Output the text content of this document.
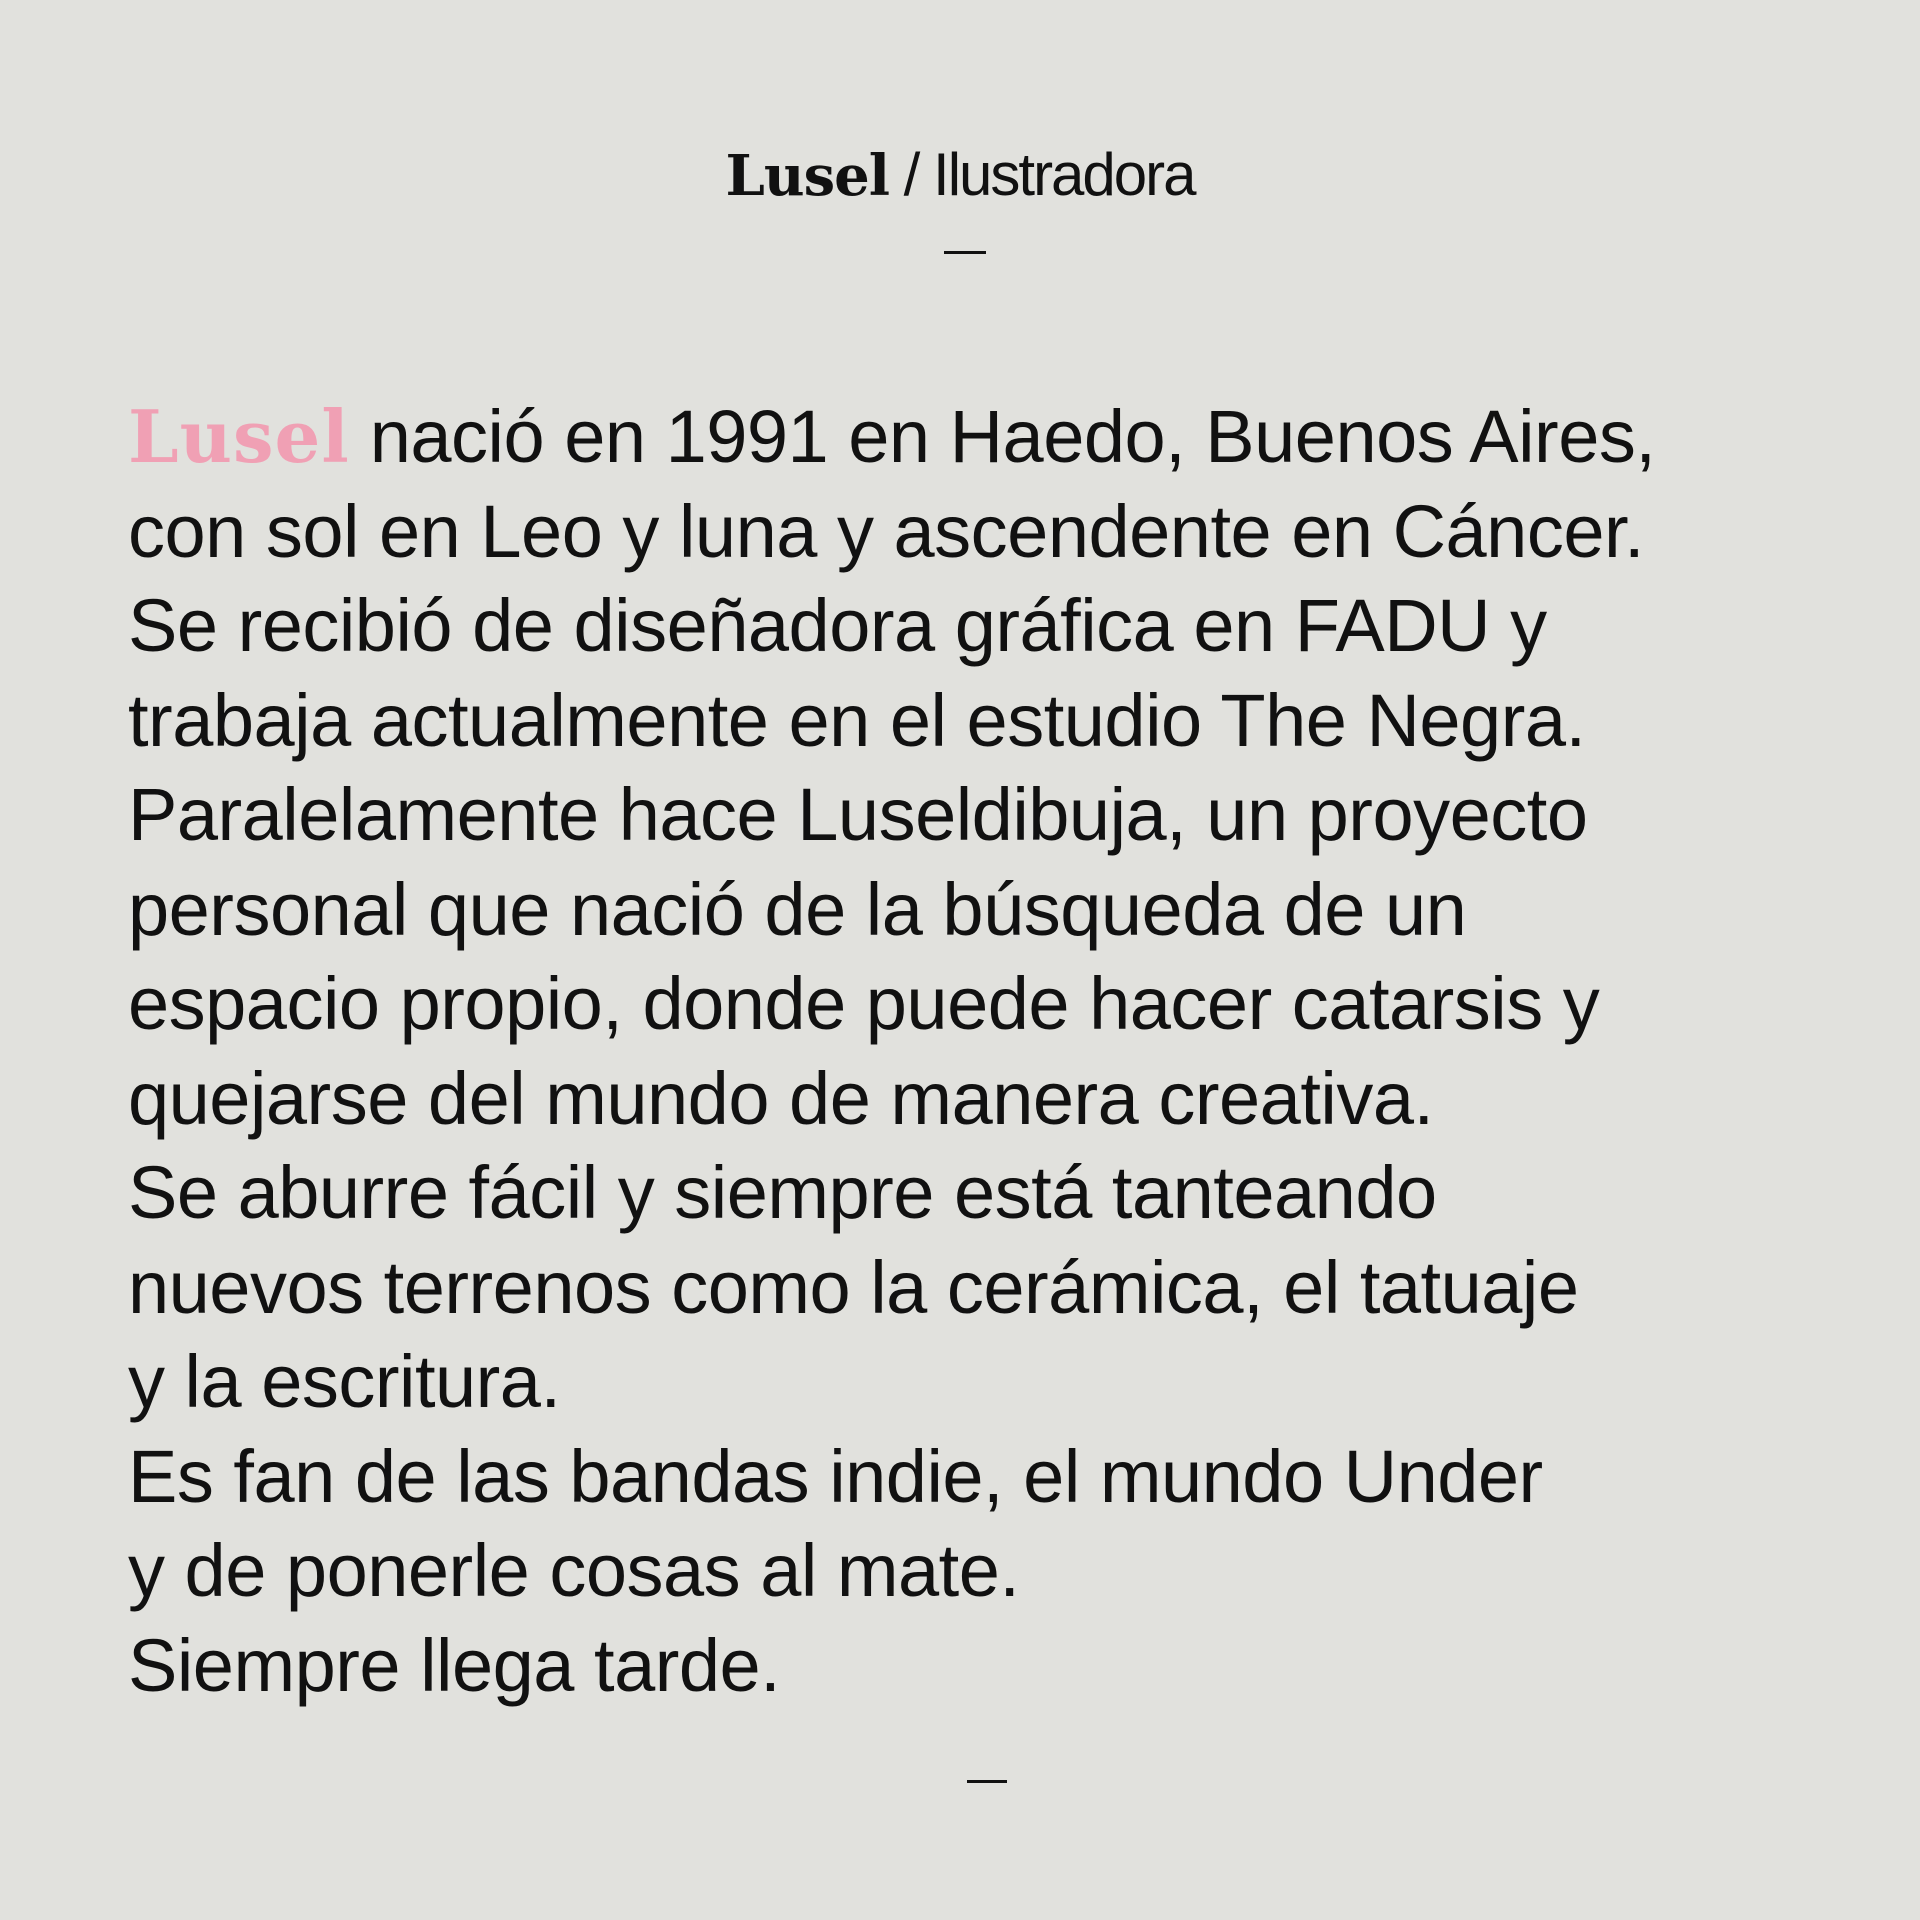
Lusel / Ilustradora
Lusel nació en 1991 en Haedo, Buenos Aires,
con sol en Leo y luna y ascendente en Cáncer.
Se recibió de diseñadora gráfica en FADU y
trabaja actualmente en el estudio The Negra.
Paralelamente hace Luseldibuja, un proyecto
personal que nació de la búsqueda de un
espacio propio, donde puede hacer catarsis y
quejarse del mundo de manera creativa.
Se aburre fácil y siempre está tanteando
nuevos terrenos como la cerámica, el tatuaje
y la escritura.
Es fan de las bandas indie, el mundo Under
y de ponerle cosas al mate.
Siempre llega tarde.
